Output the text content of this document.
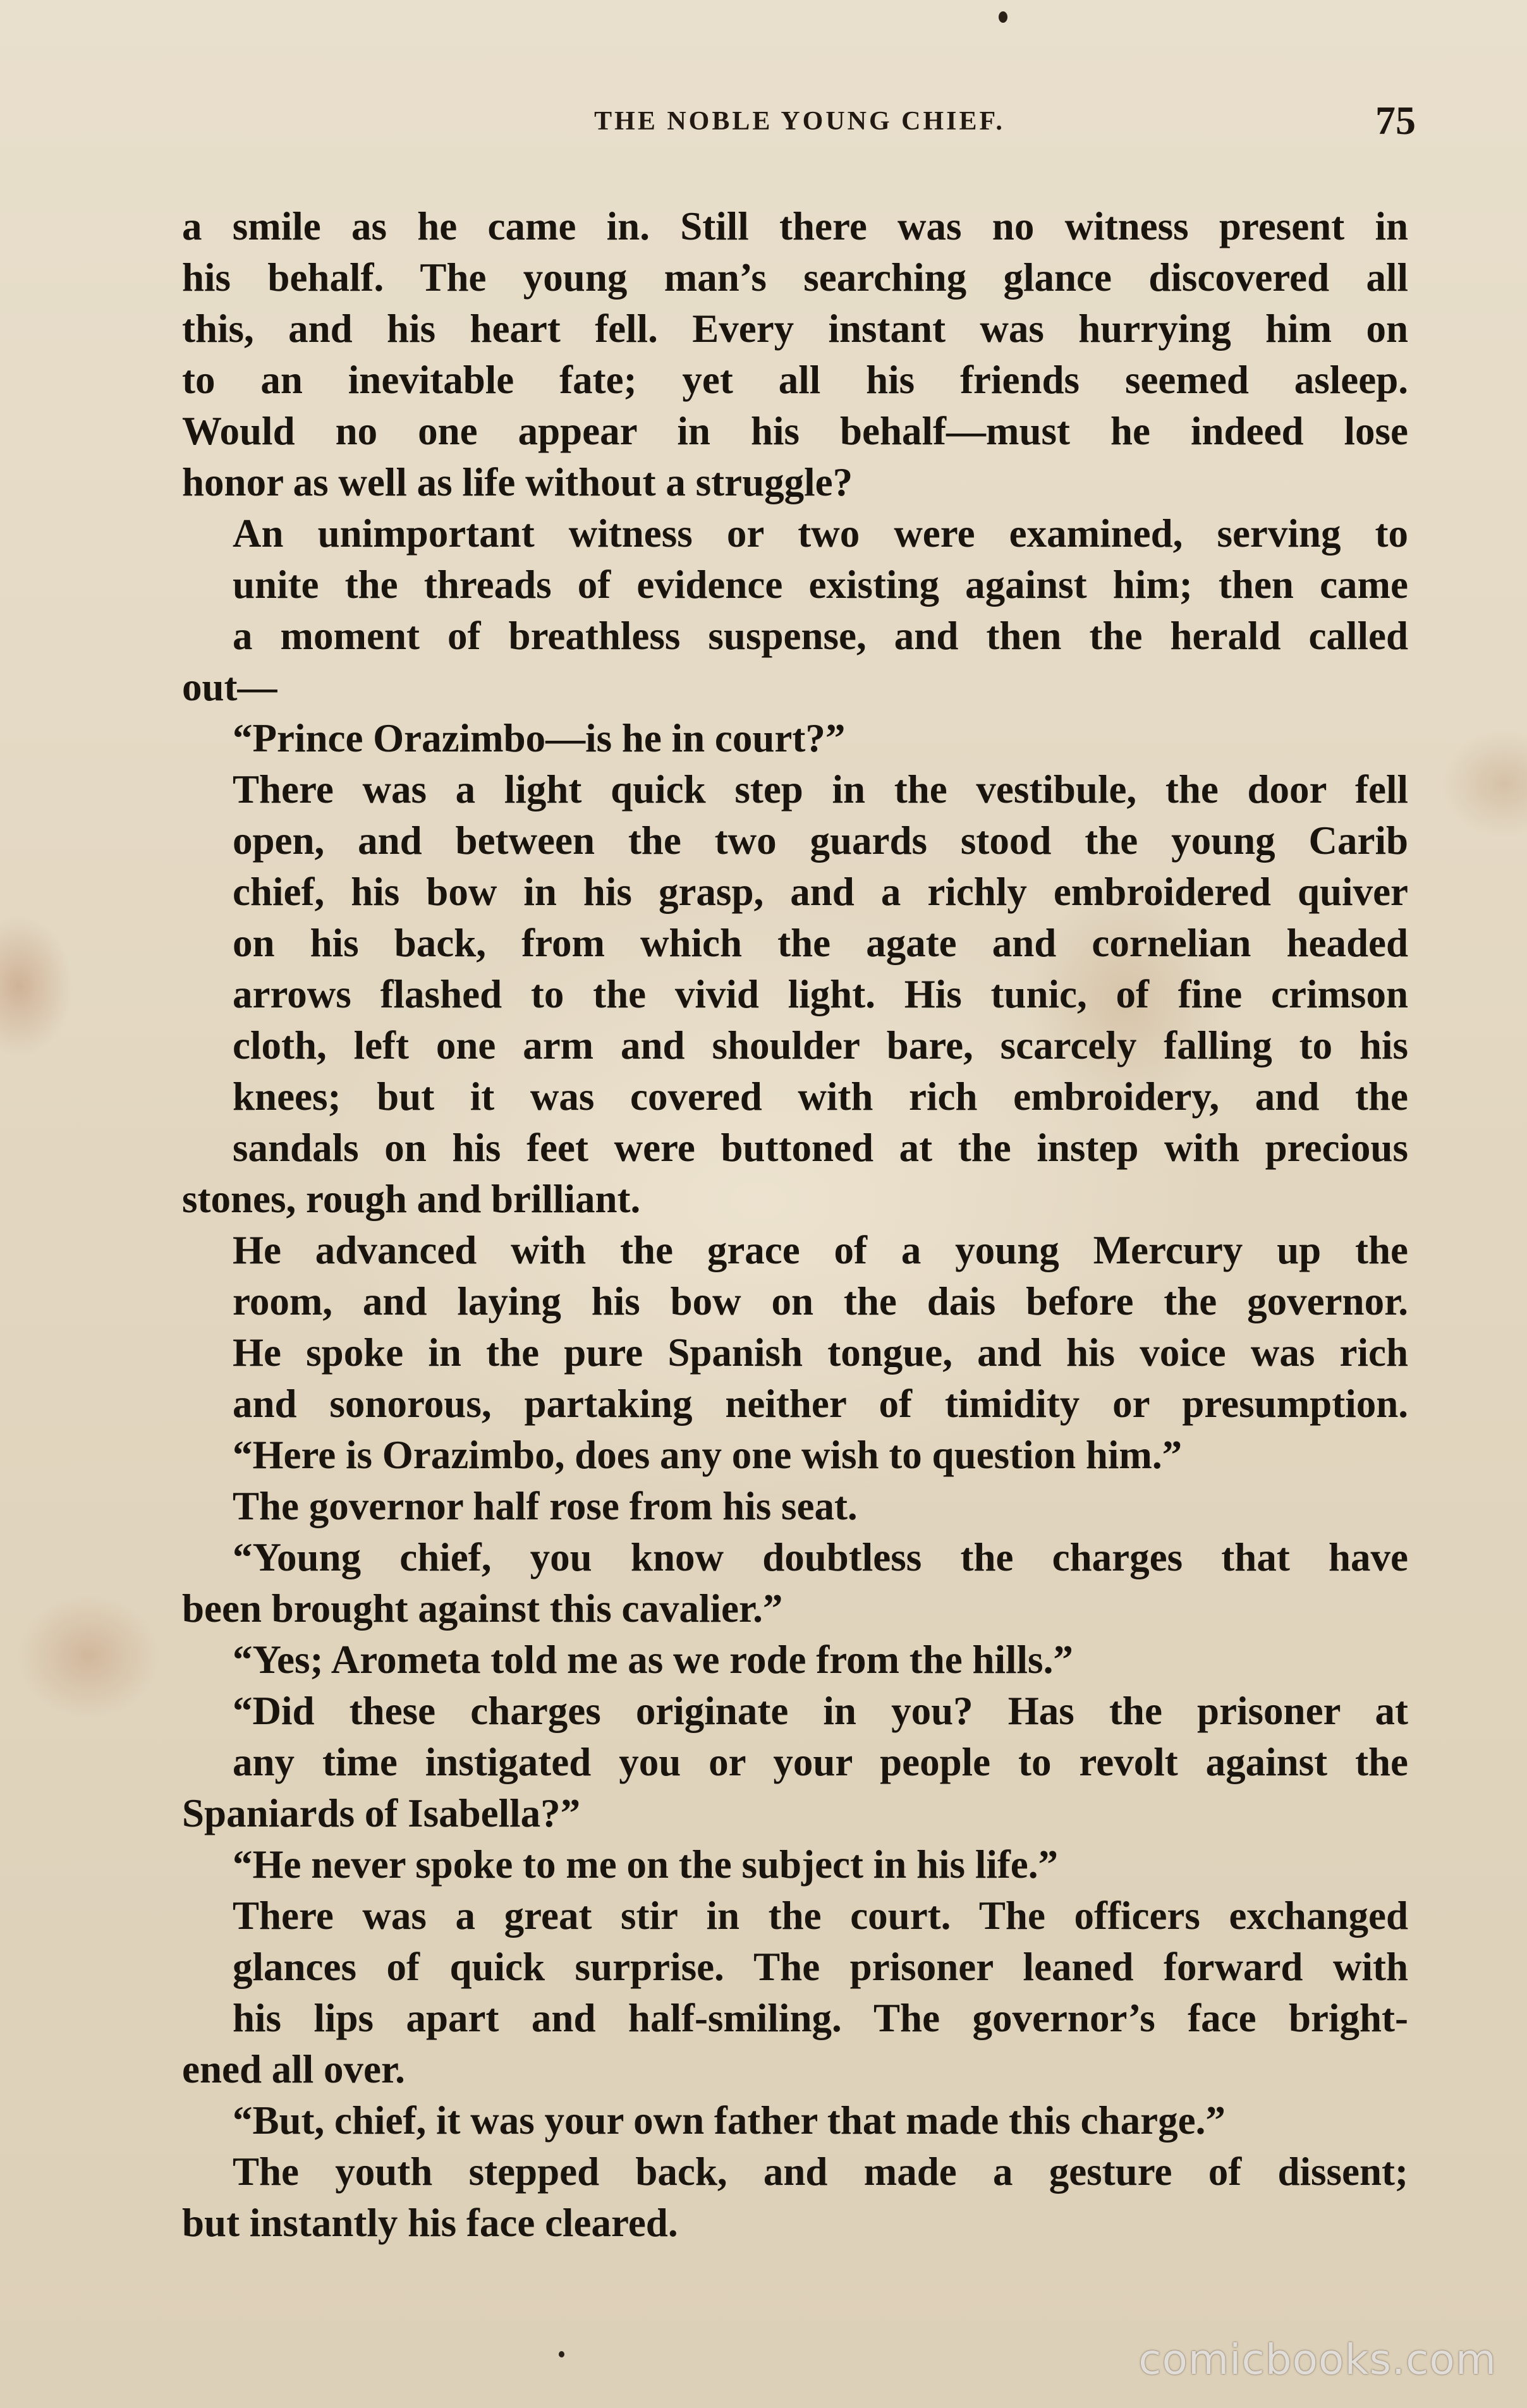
THE NOBLE YOUNG CHIEF.	75

a smile as he came in. Still there was no witness present in
his behalf. The young man’s searching glance discovered all
this, and his heart fell. Every instant was hurrying him on
to an inevitable fate; yet all his friends seemed asleep.
Would no one appear in his behalf—must he indeed lose

honor as well as life without a struggle?

An unimportant witness or two were examined, serving to
unite the threads of evidence existing against him; then came
a moment of breathless suspense, and then the herald called

out—

“Prince Orazimbo—is he in court?”

There was a light quick step in the vestibule, the door fell
open, and between the two guards stood the young Carib
chief, his bow in his grasp, and a richly embroidered quiver
on his back, from which the agate and cornelian headed
arrows flashed to the vivid light. His tunic, of fine crimson
cloth, left one arm and shoulder bare, scarcely falling to his
knees; but it was covered with rich embroidery, and the
sandals on his feet were buttoned at the instep with precious

stones, rough and brilliant.

He advanced with the grace of a young Mercury up the
room, and laying his bow on the dais before the governor.
He spoke in the pure Spanish tongue, and his voice was rich
and sonorous, partaking neither of timidity or presumption.

“Here is Orazimbo, does any one wish to question him.”

The governor half rose from his seat.

“Young chief, you know doubtless the charges that have

been brought against this cavalier.”

“Yes; Arometa told me as we rode from the hills.”

“Did these charges originate in you? Has the prisoner at
any time instigated you or your people to revolt against the

Spaniards of Isabella?”

“He never spoke to me on the subject in his life.”

There was a great stir in the court. The officers exchanged
glances of quick surprise. The prisoner leaned forward with
his lips apart and half-smiling. The governor’s face bright-

ened all over.

“But, chief, it was your own father that made this charge.”

The youth stepped back, and made a gesture of dissent;

but instantly his face cleared.

comicbooks.com
